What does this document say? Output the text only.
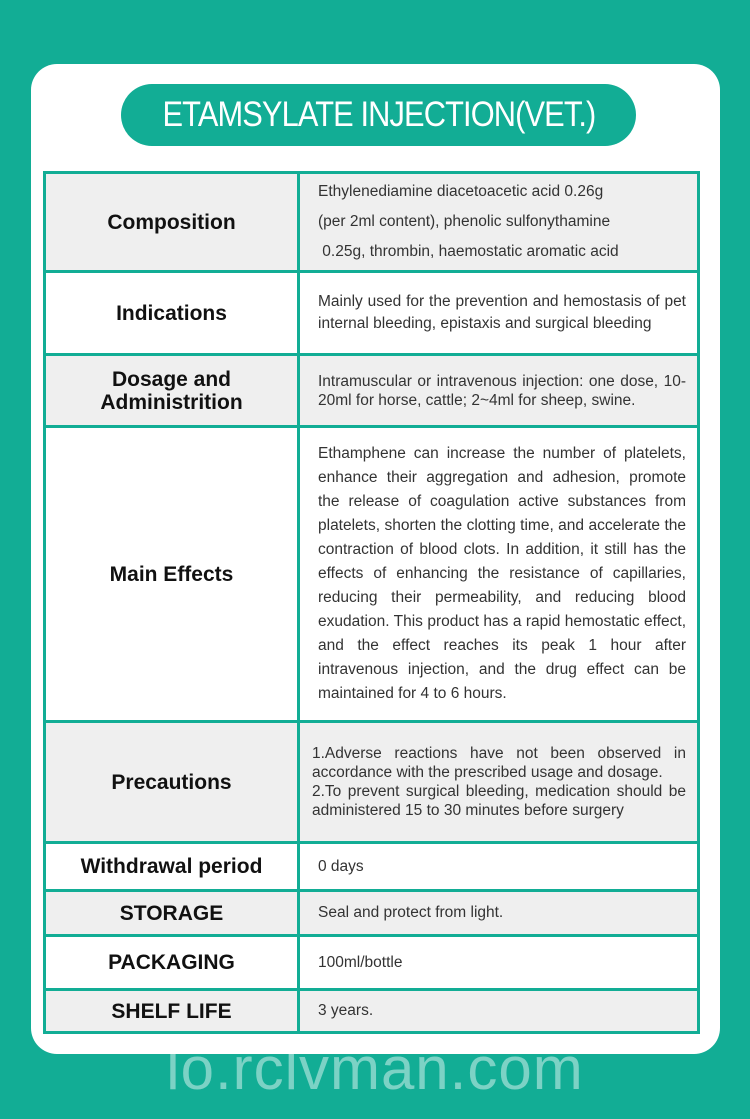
ETAMSYLATE INJECTION(VET.)
Composition	Ethylenediamine diacetoacetic acid 0.26g
(per 2ml content), phenolic sulfonythamine
0.25g, thrombin, haemostatic aromatic acid

Indications	Mainly used for the prevention and hemostasis of pet internal bleeding, epistaxis and surgical bleeding
Dosage and Administrition	Intramuscular or intravenous injection: one dose, 10-20ml for horse, cattle; 2~4ml for sheep, swine.
Main Effects	Ethamphene can increase the number of platelets, enhance their aggregation and adhesion, promote the release of coagulation active substances from platelets, shorten the clotting time, and accelerate the contraction of blood clots. In addition, it still has the effects of enhancing the resistance of capillaries, reducing their permeability, and reducing blood exudation. This product has a rapid hemostatic effect, and the effect reaches its peak 1 hour after intravenous injection, and the drug effect can be maintained for 4 to 6 hours.
Precautions	1.Adverse reactions have not been observed in accordance with the prescribed usage and dosage.
2.To prevent surgical bleeding, medication should be administered 15 to 30 minutes before surgery

Withdrawal period	0 days
STORAGE	Seal and protect from light.
PACKAGING	100ml/bottle
SHELF LIFE	3 years.
lo.rclvman.com
